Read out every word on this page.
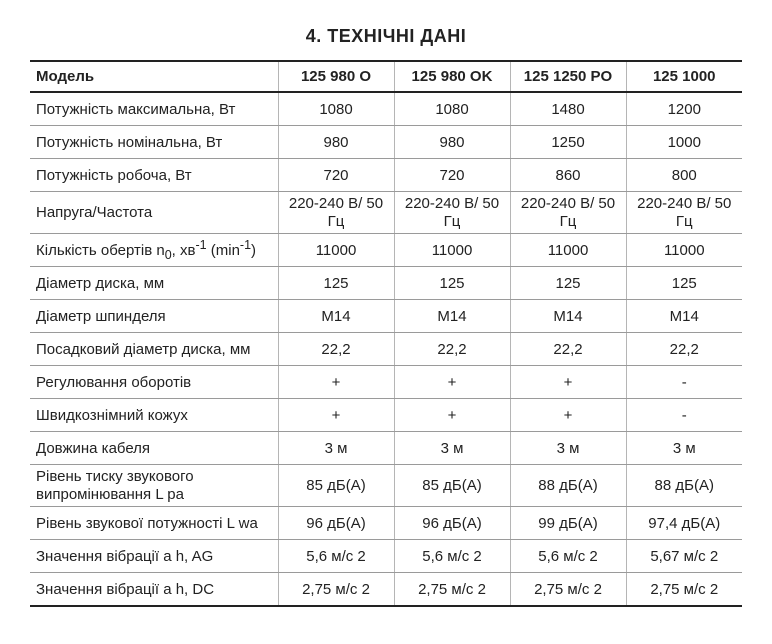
4. ТЕХНІЧНІ ДАНІ
Модель	125 980 O	125 980 OK	125 1250 PO	125 1000
Потужність максимальна, Вт	1080	1080	1480	1200
Потужність номінальна, Вт	980	980	1250	1000
Потужність робоча, Вт	720	720	860	800
Напруга/Частота	220-240 В/ 50 Гц	220-240 В/ 50 Гц	220-240 В/ 50 Гц	220-240 В/ 50 Гц
Кількість обертів $n_0$, $хв^{-1}$ $(\min^{-1})$	11000	11000	11000	11000
Діаметр диска, мм	125	125	125	125
Діаметр шпинделя	M14	M14	M14	M14
Посадковий діаметр диска, мм	22,2	22,2	22,2	22,2
Регулювання оборотів	+	+	+	-
Швидкознімний кожух	+	+	+	-
Довжина кабеля	3 м	3 м	3 м	3 м
Рівень тиску звукового випромінювання L pa	85 дБ(А)	85 дБ(А)	88 дБ(А)	88 дБ(А)
Рівень звукової потужності L wa	96 дБ(А)	96 дБ(А)	99 дБ(А)	97,4 дБ(А)
Значення вібрації a h, AG	5,6 м/с 2	5,6 м/с 2	5,6 м/с 2	5,67 м/с 2
Значення вібрації a h, DC	2,75 м/с 2	2,75 м/с 2	2,75 м/с 2	2,75 м/с 2
